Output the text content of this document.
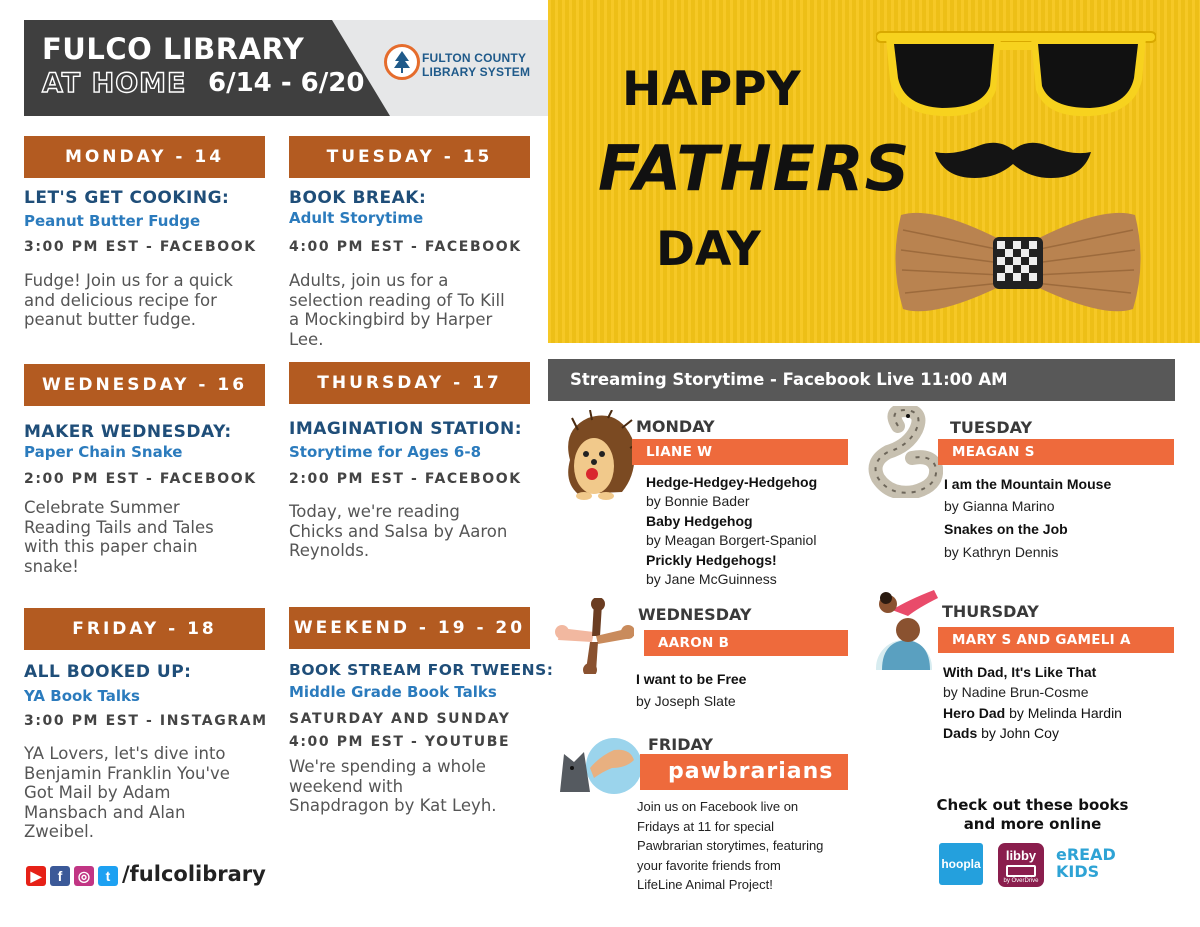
FULCO LIBRARY
AT HOME 6/14 - 6/20
FULTON COUNTY
LIBRARY SYSTEM
MONDAY - 14
LET'S GET COOKING:
Peanut Butter Fudge
3:00 PM EST - FACEBOOK
Fudge! Join us for a quick
and delicious recipe for
peanut butter fudge.
TUESDAY - 15
BOOK BREAK:
Adult Storytime
4:00 PM EST - FACEBOOK
Adults, join us for a
selection reading of To Kill
a Mockingbird by Harper
Lee.
WEDNESDAY - 16
MAKER WEDNESDAY:
Paper Chain Snake
2:00 PM EST - FACEBOOK
Celebrate Summer
Reading Tails and Tales
with this paper chain
snake!
THURSDAY - 17
IMAGINATION STATION:
Storytime for Ages 6-8
2:00 PM EST - FACEBOOK
Today, we're reading
Chicks and Salsa by Aaron
Reynolds.
FRIDAY - 18
ALL BOOKED UP:
YA Book Talks
3:00 PM EST - INSTAGRAM
YA Lovers, let's dive into
Benjamin Franklin You've
Got Mail by Adam
Mansbach and Alan
Zweibel.
WEEKEND - 19 - 20
BOOK STREAM FOR TWEENS:
Middle Grade Book Talks
SATURDAY AND SUNDAY
4:00 PM EST - YOUTUBE
We're spending a whole
weekend with
Snapdragon by Kat Leyh.
▶	f	◎	t /fulcolibrary
HAPPY
FATHERS
DAY
Streaming Storytime - Facebook Live 11:00 AM
MONDAY
LIANE W
Hedge-Hedgey-Hedgehog
by Bonnie Bader
Baby Hedgehog
by Meagan Borgert-Spaniol
Prickly Hedgehogs!
by Jane McGuinness
TUESDAY
MEAGAN S
I am the Mountain Mouse
by Gianna Marino
Snakes on the Job
by Kathryn Dennis
WEDNESDAY
AARON B
I want to be Free
by Joseph Slate
THURSDAY
MARY S AND GAMELI A
With Dad, It's Like That
by Nadine Brun-Cosme
Hero Dad by Melinda Hardin
Dads by John Coy
FRIDAY
pawbrarians
Join us on Facebook live on
Fridays at 11 for special
Pawbrarian storytimes, featuring
your favorite friends from
LifeLine Animal Project!
Check out these books
and more online
hoopla
libby
by OverDrive
eREAD KIDS
